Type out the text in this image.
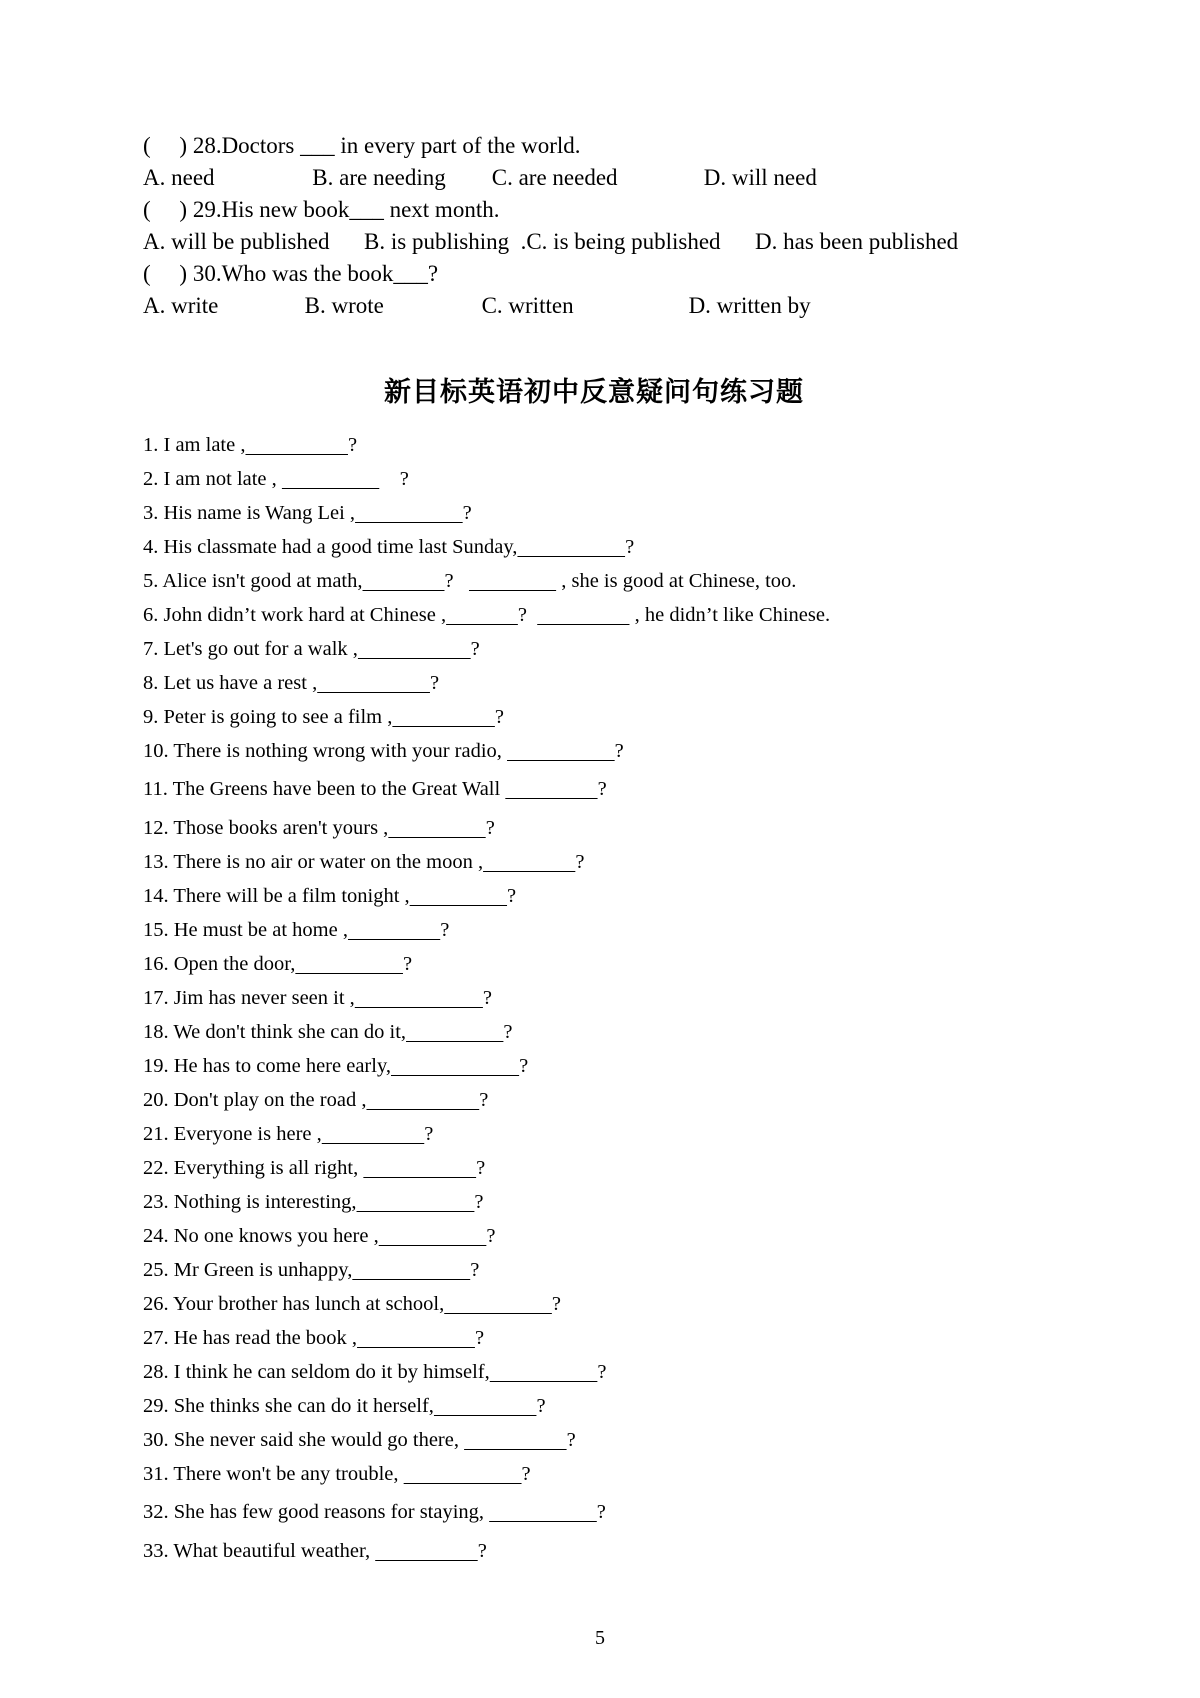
(     ) 28.Doctors ___ in every part of the world.
A. need                 B. are needing        C. are needed               D. will need
(     ) 29.His new book___ next month.
A. will be published      B. is publishing  .C. is being published      D. has been published
(     ) 30.Who was the book___?
A. write               B. wrote                 C. written                    D. written by
新目标英语初中反意疑问句练习题
1. I am late ,	?
2. I am not late ,	?
3. His name is Wang Lei ,	?
4. His classmate had a good time last Sunday,	?
5. Alice isn't good at math,	?	, she is good at Chinese, too.
6. John didn’t work hard at Chinese ,	?	, he didn’t like Chinese.
7. Let's go out for a walk ,	?
8. Let us have a rest ,	?
9. Peter is going to see a film ,	?
10. There is nothing wrong with your radio,	?
11. The Greens have been to the Great Wall	?
12. Those books aren't yours ,	?
13. There is no air or water on the moon ,	?
14. There will be a film tonight ,	?
15. He must be at home ,	?
16. Open the door,	?
17. Jim has never seen it ,	?
18. We don't think she can do it,	?
19. He has to come here early,	?
20. Don't play on the road ,	?
21. Everyone is here ,	?
22. Everything is all right,	?
23. Nothing is interesting,	?
24. No one knows you here ,	?
25. Mr Green is unhappy,	?
26. Your brother has lunch at school,	?
27. He has read the book ,	?
28. I think he can seldom do it by himself,	?
29. She thinks she can do it herself,	?
30. She never said she would go there,	?
31. There won't be any trouble,	?
32. She has few good reasons for staying,	?
33. What beautiful weather,	?
5
